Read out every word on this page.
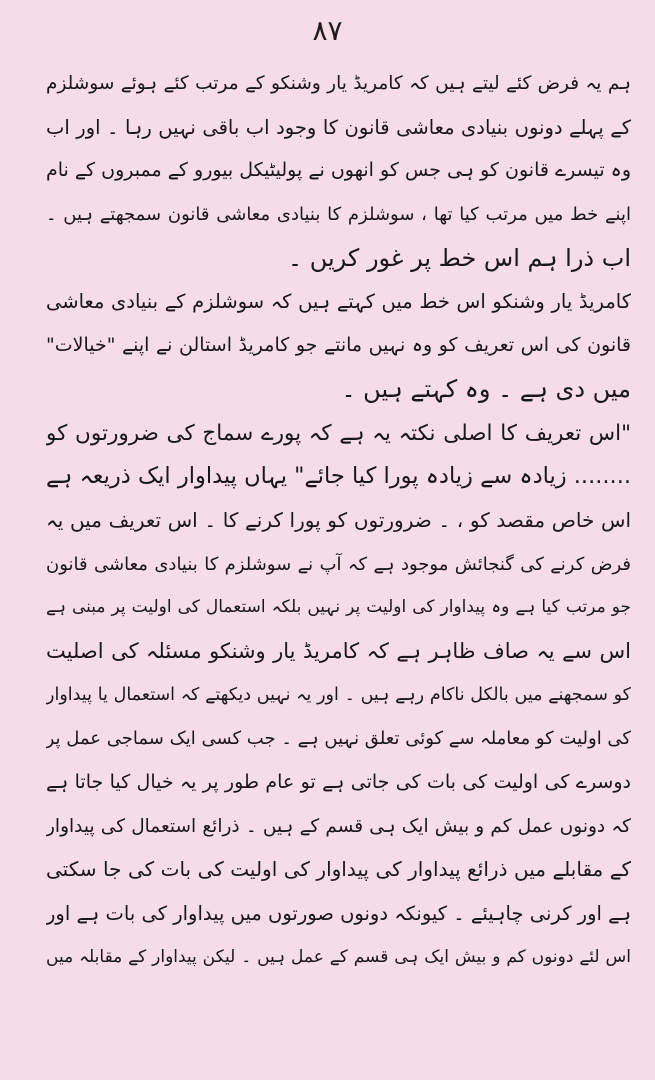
۸۷
ہم یہ فرض کئے لیتے ہیں کہ کامریڈ یار وشنکو کے مرتب کئے ہوئے سوشلزم
کے پہلے دونوں بنیادی معاشی قانون کا وجود اب باقی نہیں رہا ۔ اور اب
وہ تیسرے قانون کو ہی جس کو انھوں نے پولیٹیکل بیورو کے ممبروں کے نام
اپنے خط میں مرتب کیا تھا ، سوشلزم کا بنیادی معاشی قانون سمجھتے ہیں ۔
اب ذرا ہم اس خط پر غور کریں ۔
کامریڈ یار وشنکو اس خط میں کہتے ہیں کہ سوشلزم کے بنیادی معاشی
قانون کی اس تعریف کو وہ نہیں مانتے جو کامریڈ استالن نے اپنے "خیالات"
میں دی ہے ۔ وہ کہتے ہیں ۔
"اس تعریف کا اصلی نکتہ یہ ہے کہ پورے سماج کی ضرورتوں کو
........ زیادہ سے زیادہ پورا کیا جائے" یہاں پیداوار ایک ذریعہ ہے
اس خاص مقصد کو ، ۔ ضرورتوں کو پورا کرنے کا ۔ اس تعریف میں یہ
فرض کرنے کی گنجائش موجود ہے کہ آپ نے سوشلزم کا بنیادی معاشی قانون
جو مرتب کیا ہے وہ پیداوار کی اولیت پر نہیں بلکہ استعمال کی اولیت پر مبنی ہے
اس سے یہ صاف ظاہر ہے کہ کامریڈ یار وشنکو مسئلہ کی اصلیت
کو سمجھنے میں بالکل ناکام رہے ہیں ۔ اور یہ نہیں دیکھتے کہ استعمال یا پیداوار
کی اولیت کو معاملہ سے کوئی تعلق نہیں ہے ۔ جب کسی ایک سماجی عمل پر
دوسرے کی اولیت کی بات کی جاتی ہے تو عام طور پر یہ خیال کیا جاتا ہے
کہ دونوں عمل کم و بیش ایک ہی قسم کے ہیں ۔ ذرائع استعمال کی پیداوار
کے مقابلے میں ذرائع پیداوار کی پیداوار کی اولیت کی بات کی جا سکتی
ہے اور کرنی چاہیئے ۔ کیونکہ دونوں صورتوں میں پیداوار کی بات ہے اور
اس لئے دونوں کم و بیش ایک ہی قسم کے عمل ہیں ۔ لیکن پیداوار کے مقابلہ میں
